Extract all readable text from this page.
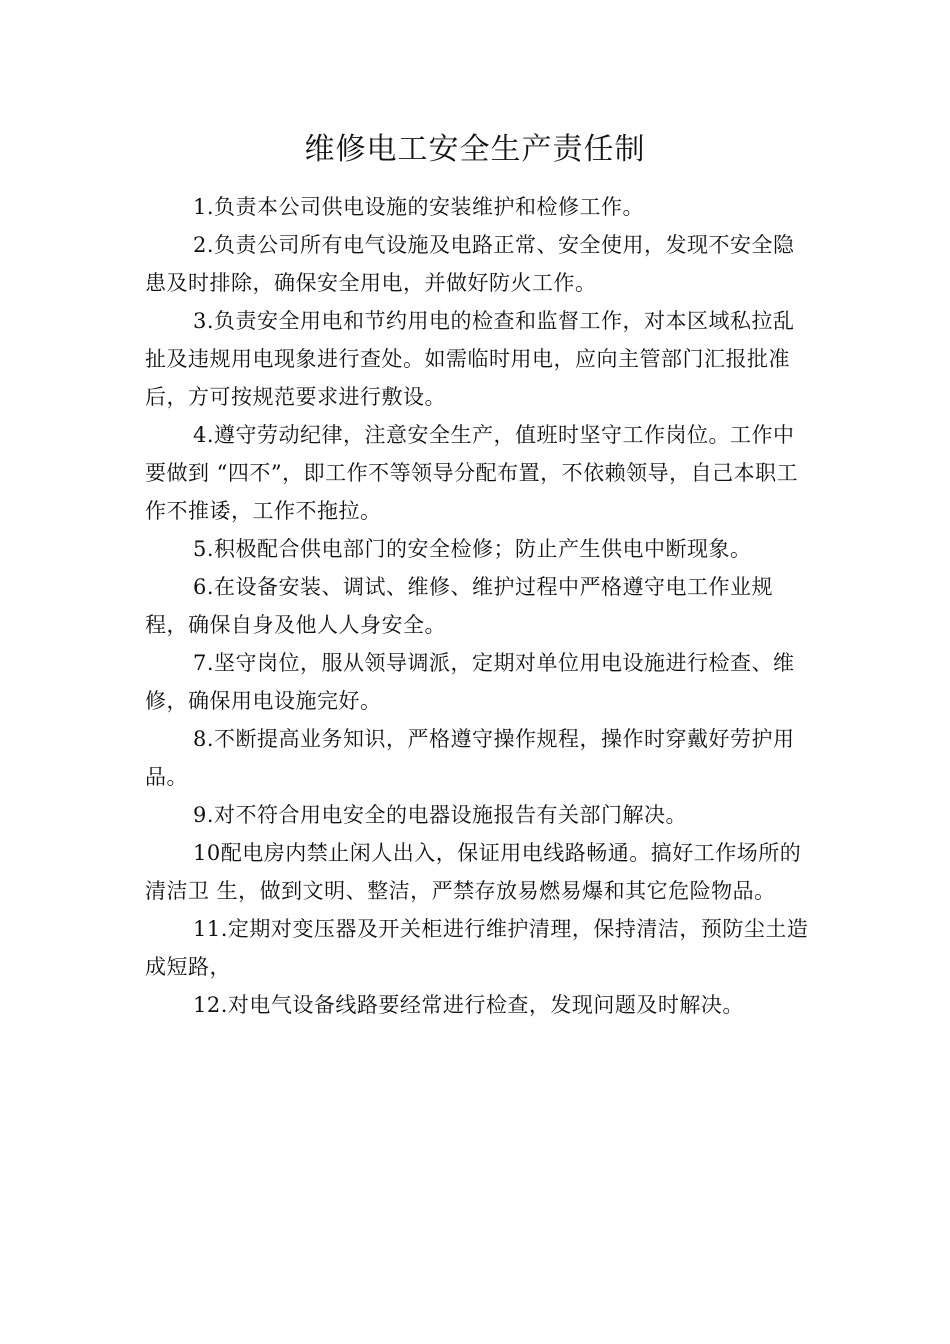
维修电工安全生产责任制

1.负责本公司供电设施的安装维护和检修工作。

2.负责公司所有电气设施及电路正常、安全使用，发现不安全隐患及时排除，确保安全用电，并做好防火工作。

3.负责安全用电和节约用电的检查和监督工作，对本区域私拉乱扯及违规用电现象进行查处。如需临时用电，应向主管部门汇报批准后，方可按规范要求进行敷设。

4.遵守劳动纪律，注意安全生产，值班时坚守工作岗位。工作中要做到 “四不”，即工作不等领导分配布置，不依赖领导，自己本职工作不推诿，工作不拖拉。

5.积极配合供电部门的安全检修；防止产生供电中断现象。

6.在设备安装、调试、维修、维护过程中严格遵守电工作业规程，确保自身及他人人身安全。

7.坚守岗位，服从领导调派，定期对单位用电设施进行检查、维修，确保用电设施完好。

8.不断提高业务知识，严格遵守操作规程，操作时穿戴好劳护用品。

9.对不符合用电安全的电器设施报告有关部门解决。

10配电房内禁止闲人出入，保证用电线路畅通。搞好工作场所的清洁卫 生，做到文明、整洁，严禁存放易燃易爆和其它危险物品。

11.定期对变压器及开关柜进行维护清理，保持清洁，预防尘土造成短路，

12.对电气设备线路要经常进行检查，发现问题及时解决。
